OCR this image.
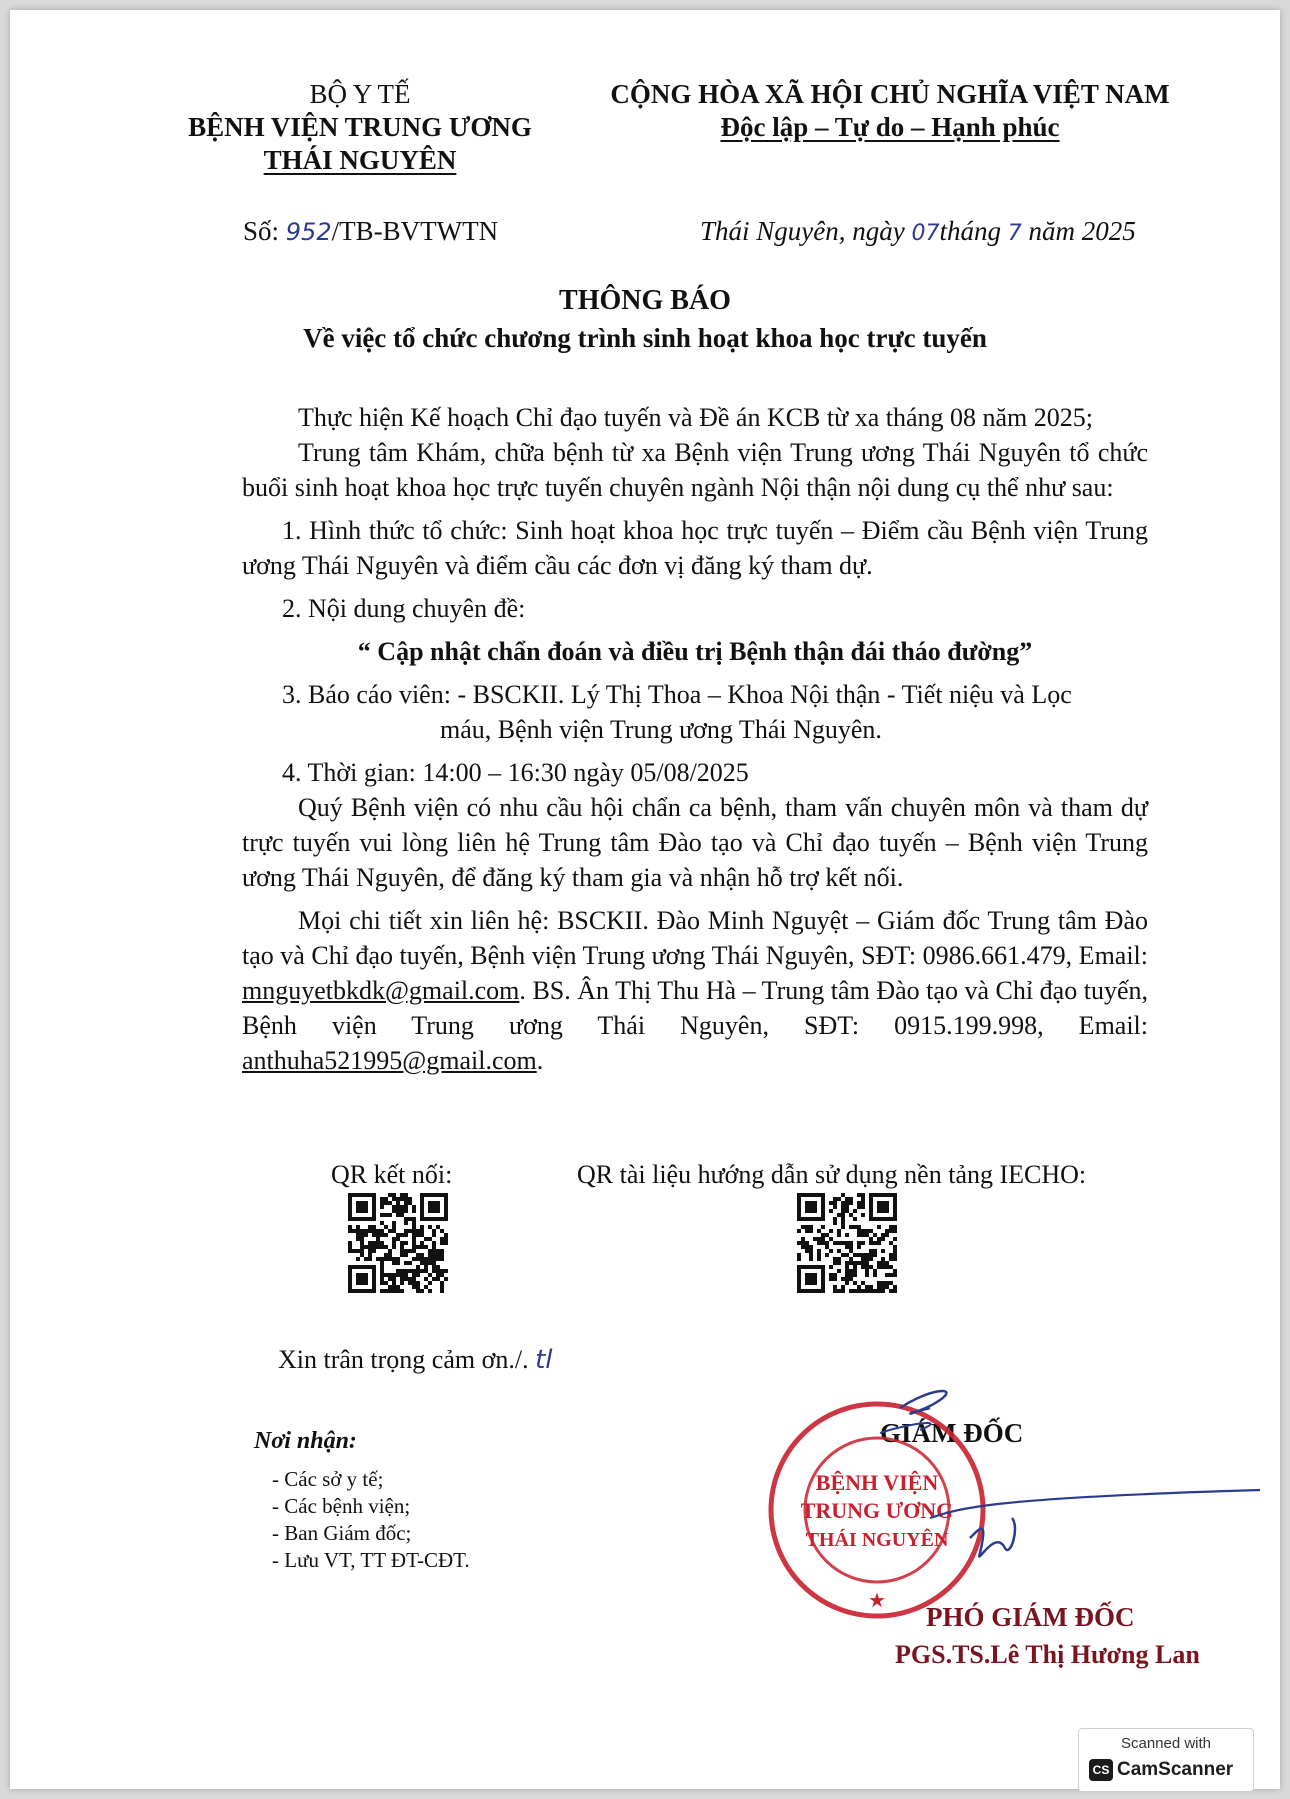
BỘ Y TẾ
BỆNH VIỆN TRUNG ƯƠNG
THÁI NGUYÊN
CỘNG HÒA XÃ HỘI CHỦ NGHĨA VIỆT NAM
Độc lập – Tự do – Hạnh phúc
Số: 952/TB-BVTWTN	Thái Nguyên, ngày 07tháng 7 năm 2025
THÔNG BÁO
Về việc tổ chức chương trình sinh hoạt khoa học trực tuyến

Thực hiện Kế hoạch Chỉ đạo tuyến và Đề án KCB từ xa tháng 08 năm 2025;

Trung tâm Khám, chữa bệnh từ xa Bệnh viện Trung ương Thái Nguyên tổ chức buổi sinh hoạt khoa học trực tuyến chuyên ngành Nội thận nội dung cụ thể như sau:

1. Hình thức tổ chức: Sinh hoạt khoa học trực tuyến – Điểm cầu Bệnh viện Trung ương Thái Nguyên và điểm cầu các đơn vị đăng ký tham dự.

2. Nội dung chuyên đề:

“ Cập nhật chẩn đoán và điều trị Bệnh thận đái tháo đường”

3. Báo cáo viên: - BSCKII. Lý Thị Thoa – Khoa Nội thận - Tiết niệu và Lọc

máu, Bệnh viện Trung ương Thái Nguyên.

4. Thời gian: 14:00 – 16:30 ngày 05/08/2025

Quý Bệnh viện có nhu cầu hội chẩn ca bệnh, tham vấn chuyên môn và tham dự trực tuyến vui lòng liên hệ Trung tâm Đào tạo và Chỉ đạo tuyến – Bệnh viện Trung ương Thái Nguyên, để đăng ký tham gia và nhận hỗ trợ kết nối.

Mọi chi tiết xin liên hệ: BSCKII. Đào Minh Nguyệt – Giám đốc Trung tâm Đào tạo và Chỉ đạo tuyến, Bệnh viện Trung ương Thái Nguyên, SĐT: 0986.661.479, Email: mnguyetbkdk@gmail.com. BS. Ân Thị Thu Hà – Trung tâm Đào tạo và Chỉ đạo tuyến, Bệnh viện Trung ương Thái Nguyên, SĐT: 0915.199.998, Email: anthuha521995@gmail.com.

QR kết nối:	QR tài liệu hướng dẫn sử dụng nền tảng IECHO:
Xin trân trọng cảm ơn./. tl
Nơi nhận:
- Các sở y tế;
- Các bệnh viện;
- Ban Giám đốc;
- Lưu VT, TT ĐT-CĐT.
GIÁM ĐỐC
BỆNH VIỆN
TRUNG ƯƠNG
THÁI NGUYÊN
★
PHÓ GIÁM ĐỐC
PGS.TS.Lê Thị Hương Lan
Scanned with
CS CamScanner
